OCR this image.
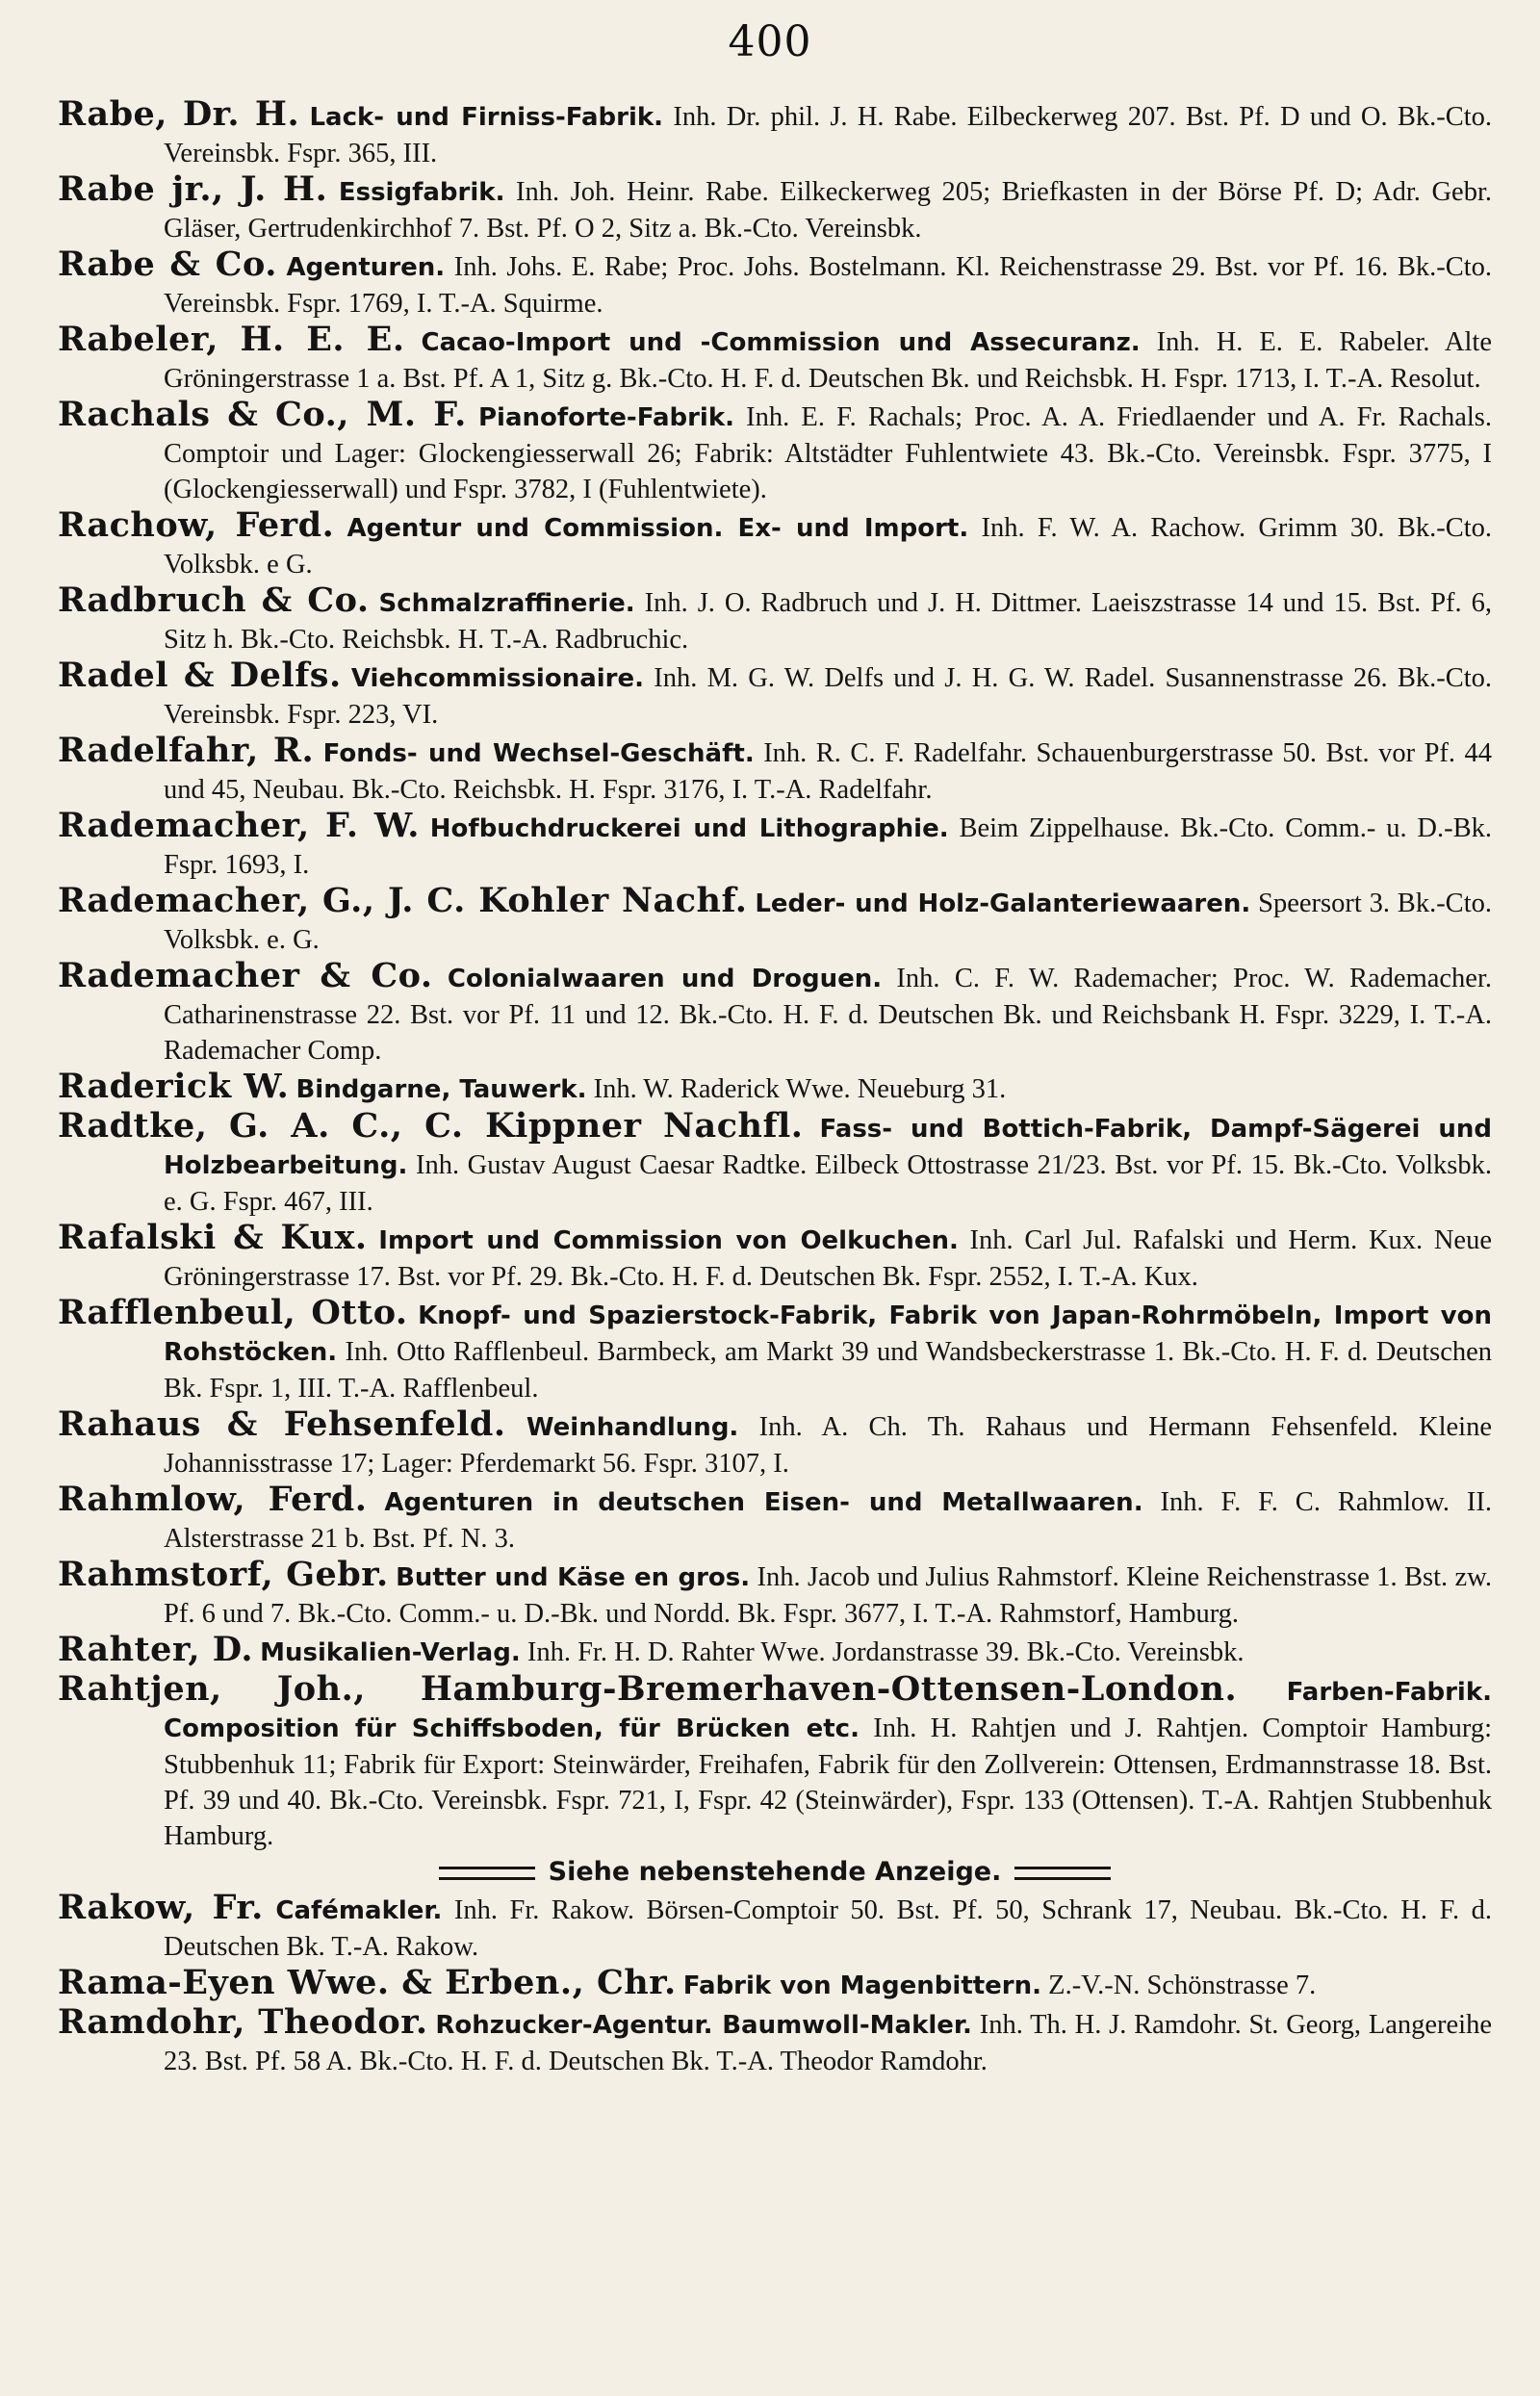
400

Rabe, Dr. H. Lack- und Firniss-Fabrik. Inh. Dr. phil. J. H. Rabe. Eilbeckerweg 207. Bst. Pf. D und O. Bk.-Cto. Vereinsbk. Fspr. 365, III.

Rabe jr., J. H. Essigfabrik. Inh. Joh. Heinr. Rabe. Eilkeckerweg 205; Briefkasten in der Börse Pf. D; Adr. Gebr. Gläser, Gertrudenkirchhof 7. Bst. Pf. O 2, Sitz a. Bk.-Cto. Vereinsbk.

Rabe & Co. Agenturen. Inh. Johs. E. Rabe; Proc. Johs. Bostelmann. Kl. Reichenstrasse 29. Bst. vor Pf. 16. Bk.-Cto. Vereinsbk. Fspr. 1769, I. T.-A. Squirme.

Rabeler, H. E. E. Cacao-Import und -Commission und Assecuranz. Inh. H. E. E. Rabeler. Alte Gröningerstrasse 1 a. Bst. Pf. A 1, Sitz g. Bk.-Cto. H. F. d. Deutschen Bk. und Reichsbk. H. Fspr. 1713, I. T.-A. Resolut.

Rachals & Co., M. F. Pianoforte-Fabrik. Inh. E. F. Rachals; Proc. A. A. Friedlaender und A. Fr. Rachals. Comptoir und Lager: Glockengiesserwall 26; Fabrik: Altstädter Fuhlentwiete 43. Bk.-Cto. Vereinsbk. Fspr. 3775, I (Glockengiesserwall) und Fspr. 3782, I (Fuhlentwiete).

Rachow, Ferd. Agentur und Commission. Ex- und Import. Inh. F. W. A. Rachow. Grimm 30. Bk.-Cto. Volksbk. e G.

Radbruch & Co. Schmalzraffinerie. Inh. J. O. Radbruch und J. H. Dittmer. Laeiszstrasse 14 und 15. Bst. Pf. 6, Sitz h. Bk.-Cto. Reichsbk. H. T.-A. Radbruchic.

Radel & Delfs. Viehcommissionaire. Inh. M. G. W. Delfs und J. H. G. W. Radel. Susannenstrasse 26. Bk.-Cto. Vereinsbk. Fspr. 223, VI.

Radelfahr, R. Fonds- und Wechsel-Geschäft. Inh. R. C. F. Radelfahr. Schauenburgerstrasse 50. Bst. vor Pf. 44 und 45, Neubau. Bk.-Cto. Reichsbk. H. Fspr. 3176, I. T.-A. Radelfahr.

Rademacher, F. W. Hofbuchdruckerei und Lithographie. Beim Zippelhause. Bk.-Cto. Comm.- u. D.-Bk. Fspr. 1693, I.

Rademacher, G., J. C. Kohler Nachf. Leder- und Holz-Galanteriewaaren. Speersort 3. Bk.-Cto. Volksbk. e. G.

Rademacher & Co. Colonialwaaren und Droguen. Inh. C. F. W. Rademacher; Proc. W. Rademacher. Catharinenstrasse 22. Bst. vor Pf. 11 und 12. Bk.-Cto. H. F. d. Deutschen Bk. und Reichsbank H. Fspr. 3229, I. T.-A. Rademacher Comp.

Raderick W. Bindgarne, Tauwerk. Inh. W. Raderick Wwe. Neueburg 31.

Radtke, G. A. C., C. Kippner Nachfl. Fass- und Bottich-Fabrik, Dampf-Sägerei und Holzbearbeitung. Inh. Gustav August Caesar Radtke. Eilbeck Ottostrasse 21/23. Bst. vor Pf. 15. Bk.-Cto. Volksbk. e. G. Fspr. 467, III.

Rafalski & Kux. Import und Commission von Oelkuchen. Inh. Carl Jul. Rafalski und Herm. Kux. Neue Gröningerstrasse 17. Bst. vor Pf. 29. Bk.-Cto. H. F. d. Deutschen Bk. Fspr. 2552, I. T.-A. Kux.

Rafflenbeul, Otto. Knopf- und Spazierstock-Fabrik, Fabrik von Japan-Rohrmöbeln, Import von Rohstöcken. Inh. Otto Rafflenbeul. Barmbeck, am Markt 39 und Wandsbeckerstrasse 1. Bk.-Cto. H. F. d. Deutschen Bk. Fspr. 1, III. T.-A. Rafflenbeul.

Rahaus & Fehsenfeld. Weinhandlung. Inh. A. Ch. Th. Rahaus und Hermann Fehsenfeld. Kleine Johannisstrasse 17; Lager: Pferdemarkt 56. Fspr. 3107, I.

Rahmlow, Ferd. Agenturen in deutschen Eisen- und Metallwaaren. Inh. F. F. C. Rahmlow. II. Alsterstrasse 21 b. Bst. Pf. N. 3.

Rahmstorf, Gebr. Butter und Käse en gros. Inh. Jacob und Julius Rahmstorf. Kleine Reichenstrasse 1. Bst. zw. Pf. 6 und 7. Bk.-Cto. Comm.- u. D.-Bk. und Nordd. Bk. Fspr. 3677, I. T.-A. Rahmstorf, Hamburg.

Rahter, D. Musikalien-Verlag. Inh. Fr. H. D. Rahter Wwe. Jordanstrasse 39. Bk.-Cto. Vereinsbk.

Rahtjen, Joh., Hamburg-Bremerhaven-Ottensen-London. Farben-Fabrik. Composition für Schiffsboden, für Brücken etc. Inh. H. Rahtjen und J. Rahtjen. Comptoir Hamburg: Stubbenhuk 11; Fabrik für Export: Steinwärder, Freihafen, Fabrik für den Zollverein: Ottensen, Erdmannstrasse 18. Bst. Pf. 39 und 40. Bk.-Cto. Vereinsbk. Fspr. 721, I, Fspr. 42 (Steinwärder), Fspr. 133 (Ottensen). T.-A. Rahtjen Stubbenhuk Hamburg.

Siehe nebenstehende Anzeige.

Rakow, Fr. Cafémakler. Inh. Fr. Rakow. Börsen-Comptoir 50. Bst. Pf. 50, Schrank 17, Neubau. Bk.-Cto. H. F. d. Deutschen Bk. T.-A. Rakow.

Rama-Eyen Wwe. & Erben., Chr. Fabrik von Magenbittern. Z.-V.-N. Schönstrasse 7.

Ramdohr, Theodor. Rohzucker-Agentur. Baumwoll-Makler. Inh. Th. H. J. Ramdohr. St. Georg, Langereihe 23. Bst. Pf. 58 A. Bk.-Cto. H. F. d. Deutschen Bk. T.-A. Theodor Ramdohr.
